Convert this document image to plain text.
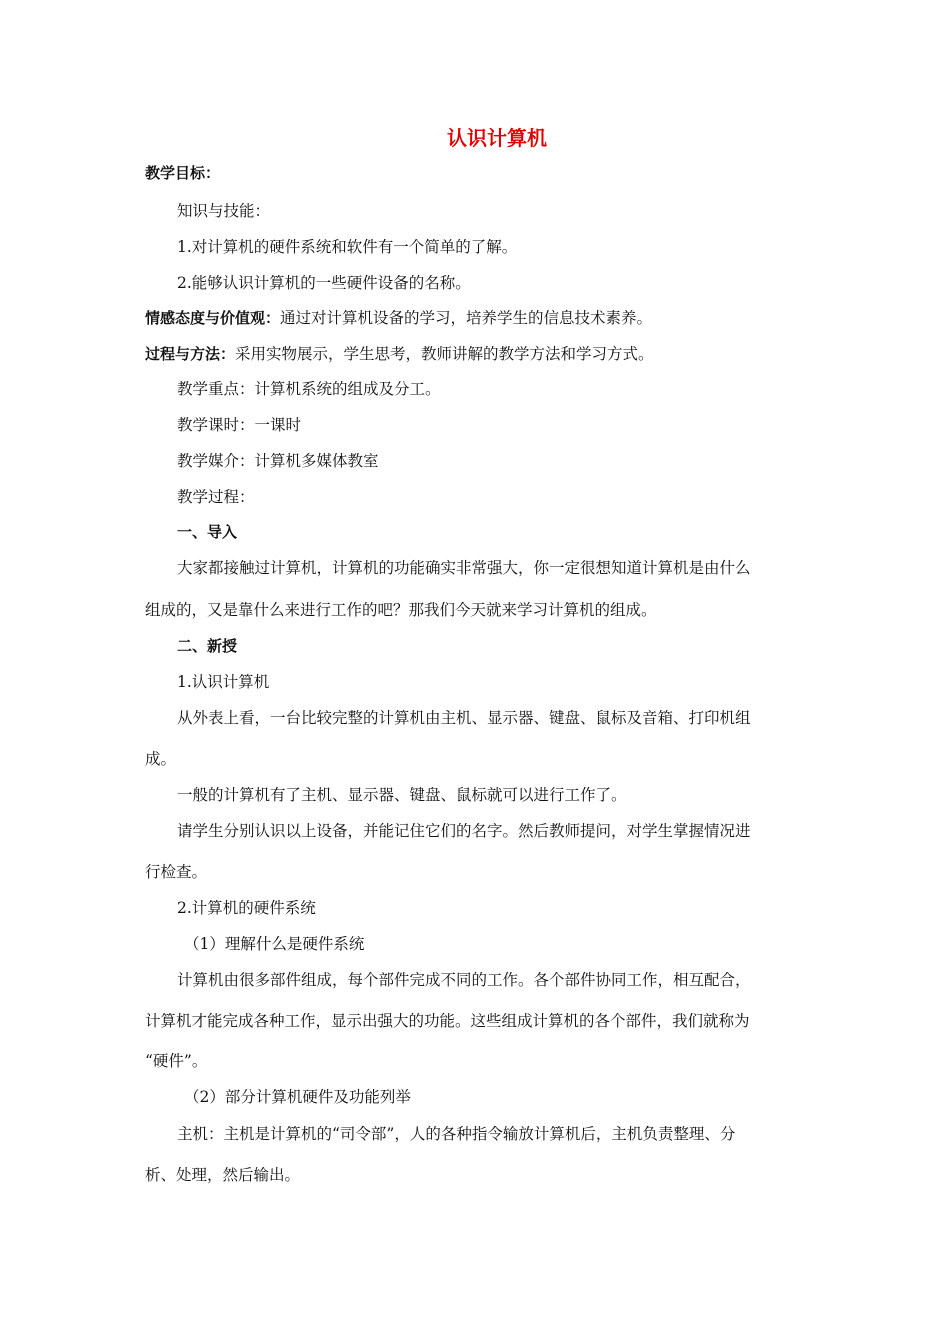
认识计算机
教学目标：
知识与技能：
1.对计算机的硬件系统和软件有一个简单的了解。
2.能够认识计算机的一些硬件设备的名称。
情感态度与价值观：通过对计算机设备的学习，培养学生的信息技术素养。
过程与方法：采用实物展示，学生思考，教师讲解的教学方法和学习方式。
教学重点：计算机系统的组成及分工。
教学课时：一课时
教学媒介：计算机多媒体教室
教学过程：
一、导入
大家都接触过计算机，计算机的功能确实非常强大，你一定很想知道计算机是由什么
组成的，又是靠什么来进行工作的吧？那我们今天就来学习计算机的组成。
二、新授
1.认识计算机
从外表上看，一台比较完整的计算机由主机、显示器、键盘、鼠标及音箱、打印机组
成。
一般的计算机有了主机、显示器、键盘、鼠标就可以进行工作了。
请学生分别认识以上设备，并能记住它们的名字。然后教师提问，对学生掌握情况进
行检查。
2.计算机的硬件系统
（1）理解什么是硬件系统
计算机由很多部件组成，每个部件完成不同的工作。各个部件协同工作，相互配合，
计算机才能完成各种工作，显示出强大的功能。这些组成计算机的各个部件，我们就称为
“硬件”。
（2）部分计算机硬件及功能列举
主机：主机是计算机的“司令部”，人的各种指令输放计算机后，主机负责整理、分
析、处理，然后输出。
